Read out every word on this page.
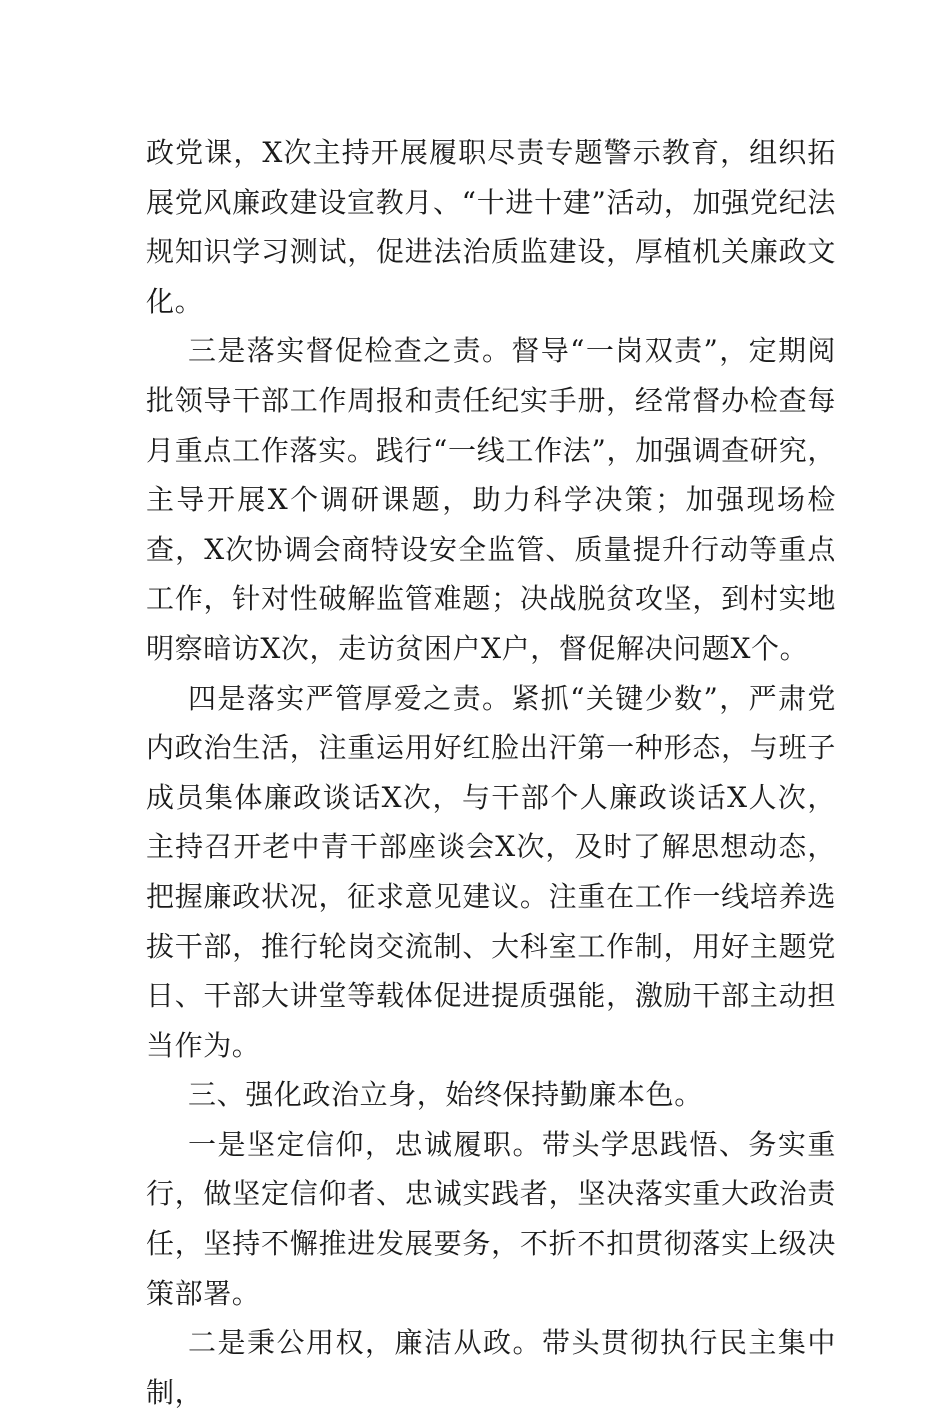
政党课，X次主持开展履职尽责专题警示教育，组织拓展党风廉政建设宣教月、“十进十建”活动，加强党纪法规知识学习测试，促进法治质监建设，厚植机关廉政文化。

三是落实督促检查之责。督导“一岗双责”，定期阅批领导干部工作周报和责任纪实手册，经常督办检查每月重点工作落实。践行“一线工作法”，加强调查研究，主导开展X个调研课题，助力科学决策；加强现场检查，X次协调会商特设安全监管、质量提升行动等重点工作，针对性破解监管难题；决战脱贫攻坚，到村实地明察暗访X次，走访贫困户X户，督促解决问题X个。

四是落实严管厚爱之责。紧抓“关键少数”，严肃党内政治生活，注重运用好红脸出汗第一种形态，与班子成员集体廉政谈话X次，与干部个人廉政谈话X人次，主持召开老中青干部座谈会X次，及时了解思想动态，把握廉政状况，征求意见建议。注重在工作一线培养选拔干部，推行轮岗交流制、大科室工作制，用好主题党日、干部大讲堂等载体促进提质强能，激励干部主动担当作为。

三、强化政治立身，始终保持勤廉本色。

一是坚定信仰，忠诚履职。带头学思践悟、务实重行，做坚定信仰者、忠诚实践者，坚决落实重大政治责任，坚持不懈推进发展要务，不折不扣贯彻落实上级决策部署。

二是秉公用权，廉洁从政。带头贯彻执行民主集中制，
